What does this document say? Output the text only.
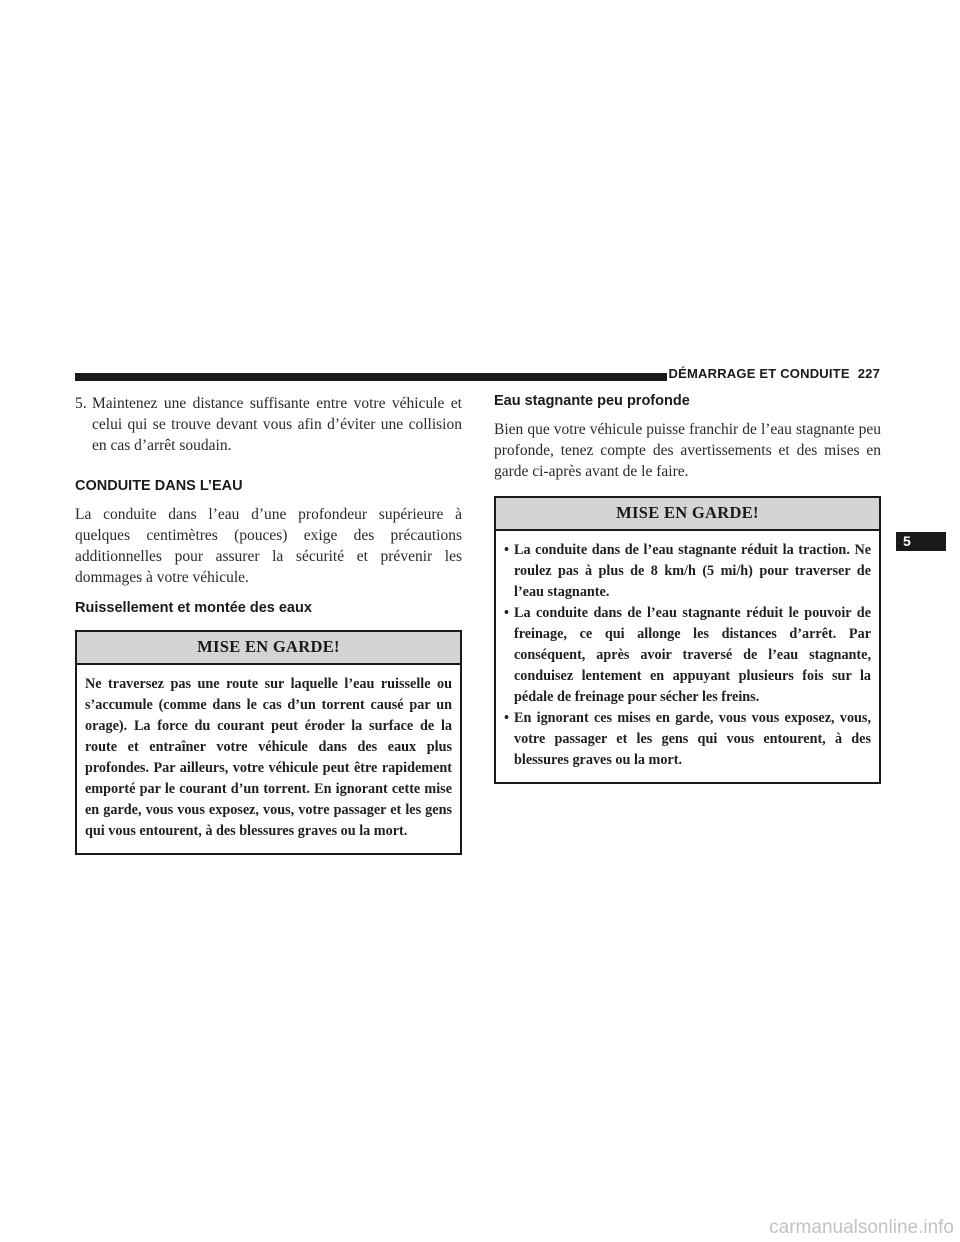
DÉMARRAGE ET CONDUITE 227
5. Maintenez une distance suffisante entre votre véhicule et celui qui se trouve devant vous afin d’éviter une collision en cas d’arrêt soudain.
CONDUITE DANS L’EAU

La conduite dans l’eau d’une profondeur supérieure à quelques centimètres (pouces) exige des précautions additionnelles pour assurer la sécurité et prévenir les dommages à votre véhicule.

Ruissellement et montée des eaux
MISE EN GARDE!
Ne traversez pas une route sur laquelle l’eau ruisselle ou s’accumule (comme dans le cas d’un torrent causé par un orage). La force du courant peut éroder la surface de la route et entraîner votre véhicule dans des eaux plus profondes. Par ailleurs, votre véhicule peut être rapidement emporté par le courant d’un torrent. En ignorant cette mise en garde, vous vous exposez, vous, votre passager et les gens qui vous entourent, à des blessures graves ou la mort.
Eau stagnante peu profonde

Bien que votre véhicule puisse franchir de l’eau stagnante peu profonde, tenez compte des avertissements et des mises en garde ci-après avant de le faire.

MISE EN GARDE!
• La conduite dans de l’eau stagnante réduit la traction. Ne roulez pas à plus de 8 km/h (5 mi/h) pour traverser de l’eau stagnante.
• La conduite dans de l’eau stagnante réduit le pouvoir de freinage, ce qui allonge les distances d’arrêt. Par conséquent, après avoir traversé de l’eau stagnante, conduisez lentement en appuyant plusieurs fois sur la pédale de freinage pour sécher les freins.
• En ignorant ces mises en garde, vous vous exposez, vous, votre passager et les gens qui vous entourent, à des blessures graves ou la mort.
5
carmanualsonline.info
